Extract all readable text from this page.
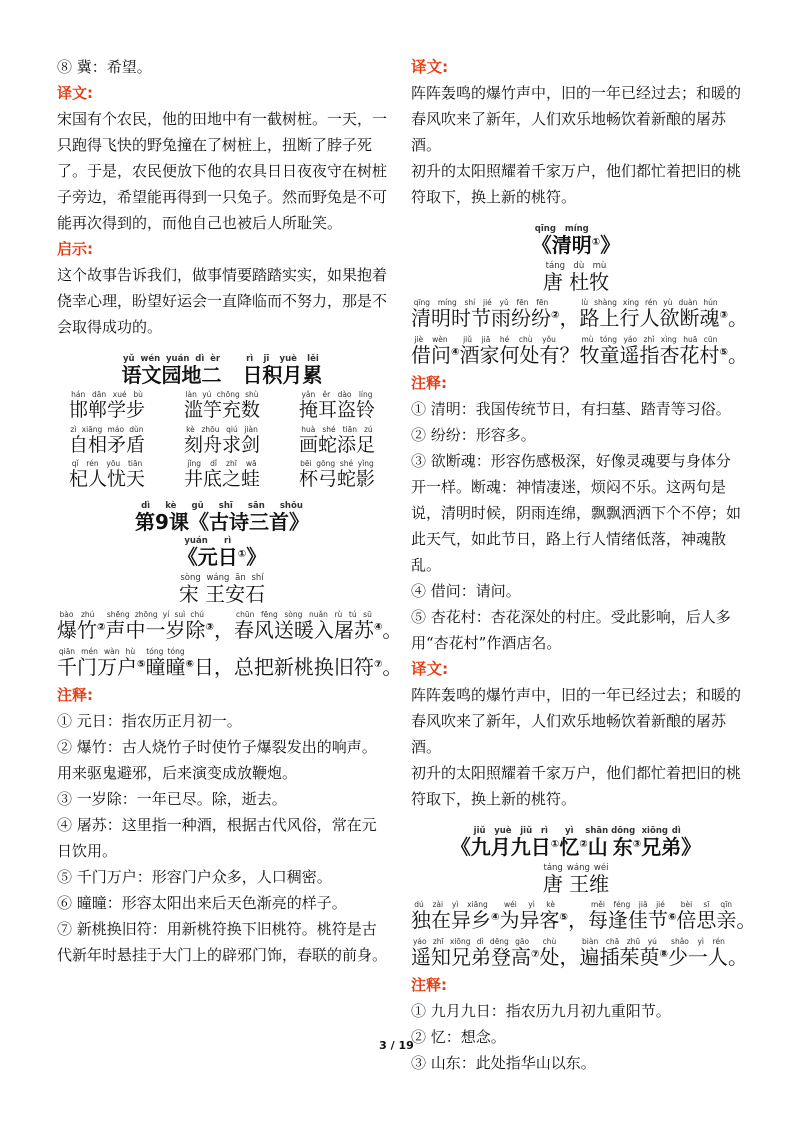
⑧ 冀：希望。
译文:
宋国有个农民，他的田地中有一截树桩。一天，一只跑得飞快的野兔撞在了树桩上，扭断了脖子死了。于是，农民便放下他的农具日日夜夜守在树桩子旁边，希望能再得到一只兔子。然而野兔是不可能再次得到的，而他自己也被后人所耻笑。
启示:
这个故事告诉我们，做事情要踏踏实实，如果抱着侥幸心理，盼望好运会一直降临而不努力，那是不会取得成功的。
语文园地二yǔ wén yuán dì èr   日积月累rì jī yuè lěi
邯郸学步hán dān xué bù
滥竽充数làn yú chōng shù
掩耳盗铃yǎn ěr dào líng
自相矛盾zì xiāng máo dùn
刻舟求剑kè zhōu qiú jiàn
画蛇添足huà shé tiān zú
杞人忧天qǐ rén yōu tiān
井底之蛙jǐng dǐ zhī wā
杯弓蛇影bēi gōng shé yǐng
第9课《古诗三首》dì kè gǔ shī sān shǒu
《元日yuán rì①》
宋 王安石sòng wáng ān shí
爆竹bào zhú②声中一岁除shēng zhōng yí suì chú③，春风送暖入屠苏chūn fēng sòng nuǎn rù tú sū④。
千门万户qiān mén wàn hù⑤曈曈tóng tóng⑥日，总把新桃换旧符⑦。
注释:
① 元日：指农历正月初一。
② 爆竹：古人烧竹子时使竹子爆裂发出的响声。用来驱鬼避邪，后来演变成放鞭炮。
③ 一岁除：一年已尽。除，逝去。
④ 屠苏：这里指一种酒，根据古代风俗，常在元日饮用。
⑤ 千门万户：形容门户众多，人口稠密。
⑥ 曈曈：形容太阳出来后天色渐亮的样子。
⑦ 新桃换旧符：用新桃符换下旧桃符。桃符是古代新年时悬挂于大门上的辟邪门饰，春联的前身。
译文:
阵阵轰鸣的爆竹声中，旧的一年已经过去；和暖的春风吹来了新年，人们欢乐地畅饮着新酿的屠苏酒。
初升的太阳照耀着千家万户，他们都忙着把旧的桃符取下，换上新的桃符。
《清明qīng míng①》
唐 杜牧táng dù mù
清明时节雨纷纷qīng míng shí jié yǔ fēn fēn②，路上行人欲断魂lù shàng xíng rén yù duàn hún③。
借问jiè wèn④酒家何处有jiǔ jiā hé chù yǒu？牧童遥指杏花村mù tóng yáo zhǐ xìng huā cūn⑤。
注释:
① 清明：我国传统节日，有扫墓、踏青等习俗。
② 纷纷：形容多。
③ 欲断魂：形容伤感极深，好像灵魂要与身体分开一样。断魂：神情凄迷，烦闷不乐。这两句是说，清明时候，阴雨连绵，飘飘洒洒下个不停；如此天气，如此节日，路上行人情绪低落，神魂散乱。
④ 借问：请问。
⑤ 杏花村：杏花深处的村庄。受此影响，后人多用“杏花村”作酒店名。
译文:
阵阵轰鸣的爆竹声中，旧的一年已经过去；和暖的春风吹来了新年，人们欢乐地畅饮着新酿的屠苏酒。
初升的太阳照耀着千家万户，他们都忙着把旧的桃符取下，换上新的桃符。
《九月九日jiǔ yuè jiǔ rì①忆yì②山东shān dōng③兄弟xiōng dì》
唐 王维táng wáng wéi
独在异乡dú zài yì xiāng④为异客wéi yì kè⑤，每逢佳节měi féng jiā jié⑥倍思亲bèi sī qīn。
遥知兄弟登高yáo zhī xiōng dì dēng gāo⑦处chù，遍插茱萸biàn chā zhū yú⑧少一人shǎo yì rén。
注释:
① 九月九日：指农历九月初九重阳节。
② 忆：想念。
③ 山东：此处指华山以东。
3 / 19
